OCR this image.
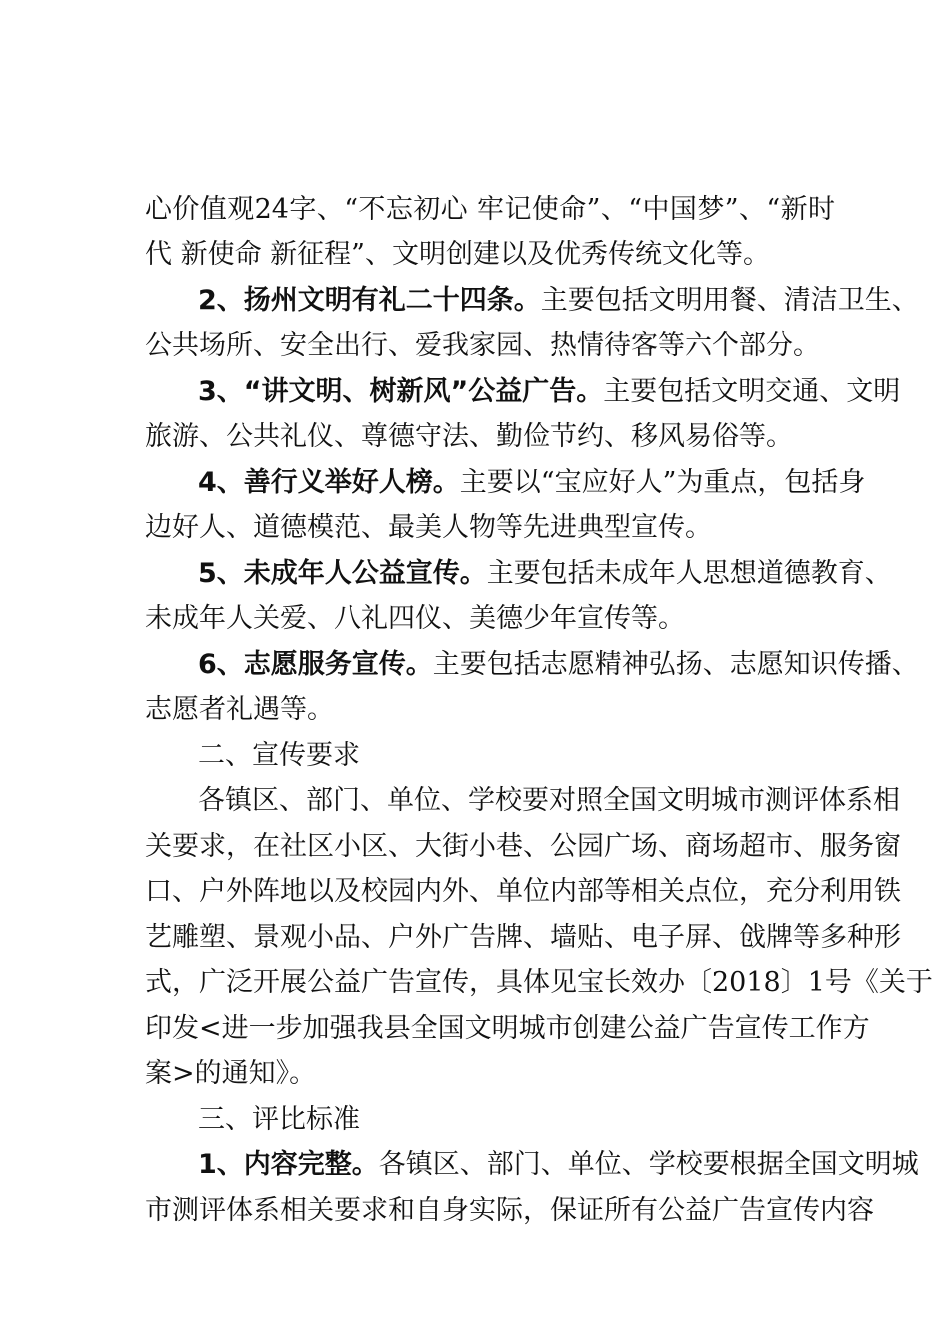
心价值观24字、“不忘初心 牢记使命”、“中国梦”、“新时
代 新使命 新征程”、文明创建以及优秀传统文化等。
2、扬州文明有礼二十四条。主要包括文明用餐、清洁卫生、
公共场所、安全出行、爱我家园、热情待客等六个部分。
3、“讲文明、树新风”公益广告。主要包括文明交通、文明
旅游、公共礼仪、尊德守法、勤俭节约、移风易俗等。
4、善行义举好人榜。主要以“宝应好人”为重点，包括身
边好人、道德模范、最美人物等先进典型宣传。
5、未成年人公益宣传。主要包括未成年人思想道德教育、
未成年人关爱、八礼四仪、美德少年宣传等。
6、志愿服务宣传。主要包括志愿精神弘扬、志愿知识传播、
志愿者礼遇等。
二、宣传要求
各镇区、部门、单位、学校要对照全国文明城市测评体系相
关要求，在社区小区、大街小巷、公园广场、商场超市、服务窗
口、户外阵地以及校园内外、单位内部等相关点位，充分利用铁
艺雕塑、景观小品、户外广告牌、墙贴、电子屏、戗牌等多种形
式，广泛开展公益广告宣传，具体见宝长效办〔2018〕1号《关于
印发<进一步加强我县全国文明城市创建公益广告宣传工作方
案>的通知》。
三、评比标准
1、内容完整。各镇区、部门、单位、学校要根据全国文明城
市测评体系相关要求和自身实际，保证所有公益广告宣传内容
